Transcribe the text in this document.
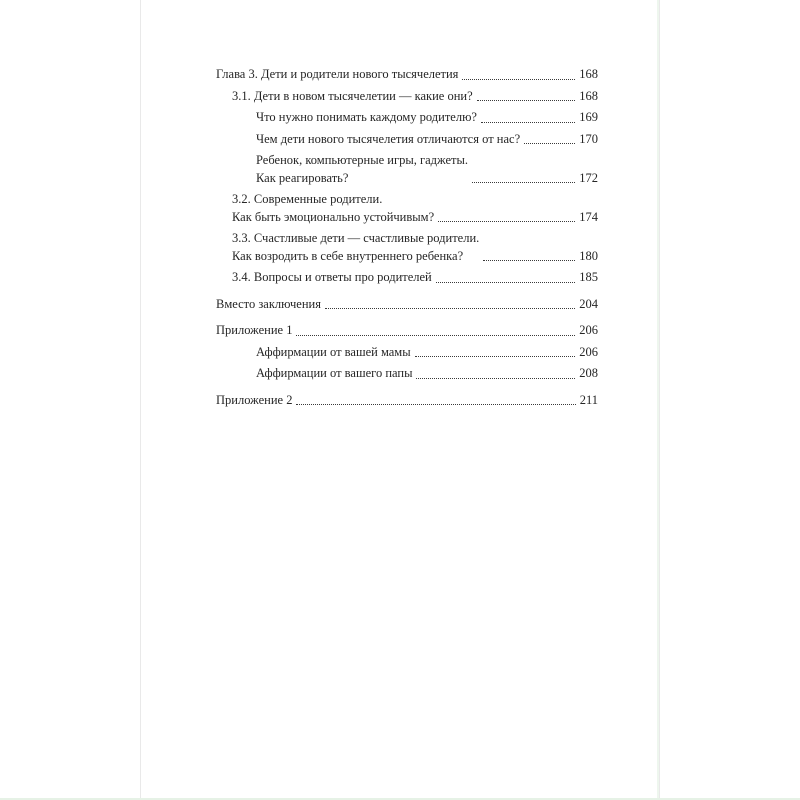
Глава 3. Дети и родители нового тысячелетия	168
3.1. Дети в новом тысячелетии — какие они?	168
Что нужно понимать каждому родителю?	169
Чем дети нового тысячелетия отличаются от нас?	170
Ребенок, компьютерные игры, гаджеты.
Как реагировать?	172
3.2. Современные родители.
Как быть эмоционально устойчивым?	174
3.3. Счастливые дети — счастливые родители.
Как возродить в себе внутреннего ребенка?	180
3.4. Вопросы и ответы про родителей	185
Вместо заключения	204
Приложение 1	206
Аффирмации от вашей мамы	206
Аффирмации от вашего папы	208
Приложение 2	211
